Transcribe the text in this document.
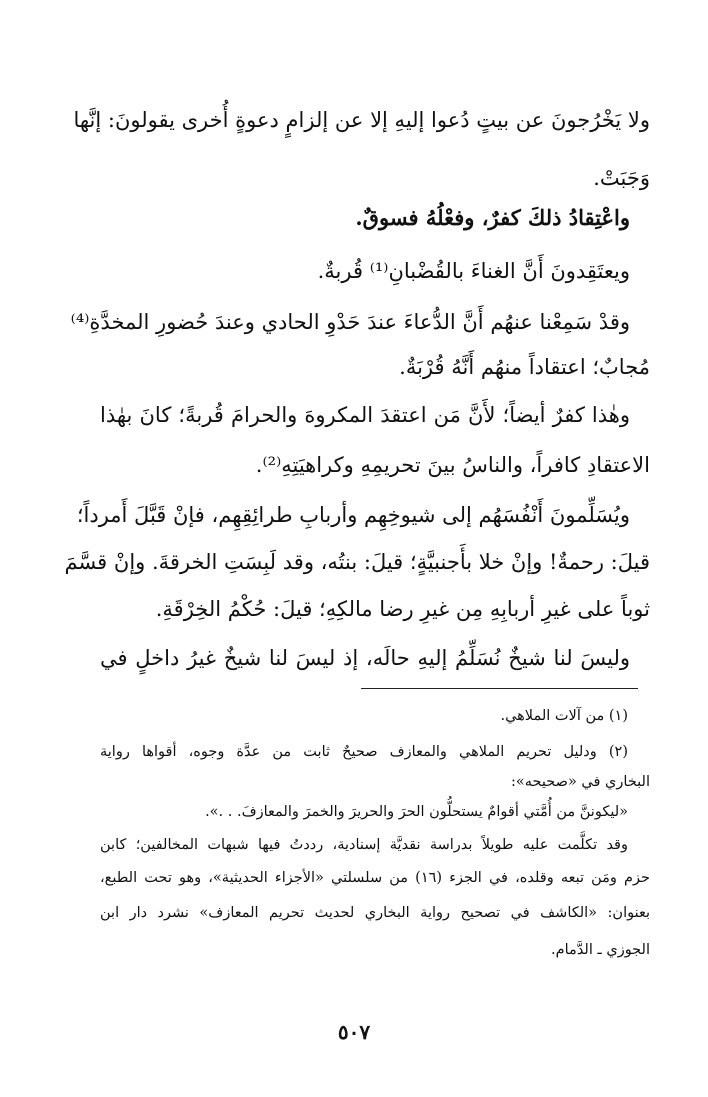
ولا يَخْرُجونَ عن بيتٍ دُعوا إليهِ إلا عن إلزامٍ دعوةٍ أُخرى يقولونَ: إنَّها
وَجَبَتْ.
واعْتِقادُ ذلكَ كفرٌ، وفعْلُهُ فسوقٌ.
ويعتَقِدونَ أَنَّ الغناءَ بالقُضْبانِ⁽¹⁾ قُربةٌ.
وقدْ سَمِعْنا عنهُم أَنَّ الدُّعاءَ عندَ حَدْوِ الحادي وعندَ حُضورِ المخدَّةِ⁽⁴⁾
مُجابٌ؛ اعتقاداً منهُم أَنَّهُ قُرْبَةٌ.
وهٰذا كفرٌ أيضاً؛ لأَنَّ مَن اعتقدَ المكروهَ والحرامَ قُربةً؛ كانَ بهٰذا
الاعتقادِ كافراً، والناسُ بينَ تحريمِهِ وكراهيَتِهِ⁽²⁾.
ويُسَلِّمونَ أَنْفُسَهُم إلى شيوخِهِم وأربابِ طرائِقِهِم، فإنْ قَبَّلَ أَمرداً؛
قيلَ: رحمةٌ! وإنْ خلا بأَجنبيَّةٍ؛ قيلَ: بنتُه، وقد لَبِسَتِ الخرقةَ. وإنْ قسَّمَ
ثوباً على غيرِ أربابِهِ مِن غيرِ رضا مالكِهِ؛ قيلَ: حُكْمُ الخِرْقَةِ.
وليسَ لنا شيخٌ نُسَلِّمُ إليهِ حالَه، إذ ليسَ لنا شيخٌ غيرُ داخلٍ في
(١) من آلات الملاهي.
(٢) ودليل تحريم الملاهي والمعازف صحيحٌ ثابت من عدَّة وجوه، أقواها رواية
البخاري في «صحيحه»:
«ليكوننَّ من أُمَّتي أقوامٌ يستحلُّون الحرَ والحريرَ والخمرَ والمعازفَ. . .».
وقد تكلَّمت عليه طويلاً بدراسة نقديَّة إسنادية، رددتُ فيها شبهات المخالفين؛ كابن
حزم ومَن تبعه وقلده، في الجزء (١٦) من سلسلتي «الأجزاء الحديثية»، وهو تحت الطبع،
بعنوان: «الكاشف في تصحيح رواية البخاري لحديث تحريم المعازف» نشرد دار ابن
الجوزي ـ الدَّمام.
٥٠٧
